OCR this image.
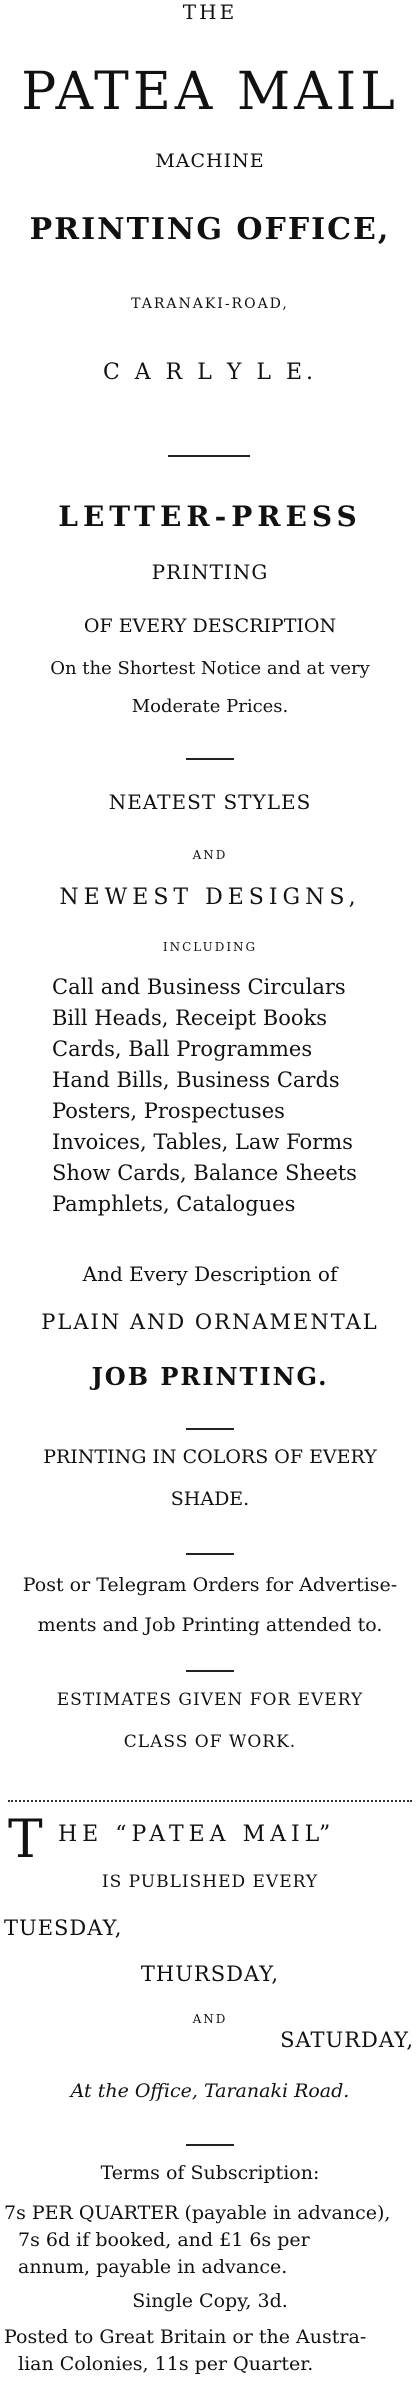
THE
PATEA MAIL
MACHINE
PRINTING OFFICE,
TARANAKI-ROAD,
C A R L Y L E.
LETTER-PRESS
PRINTING
OF EVERY DESCRIPTION
On the Shortest Notice and at very
Moderate Prices.
NEATEST STYLES
AND
NEWEST DESIGNS,
INCLUDING
Call and Business Circulars
Bill Heads, Receipt Books
Cards, Ball Programmes
Hand Bills, Business Cards
Posters, Prospectuses
Invoices, Tables, Law Forms
Show Cards, Balance Sheets
Pamphlets, Catalogues
And Every Description of
PLAIN AND ORNAMENTAL
JOB PRINTING.
PRINTING IN COLORS OF EVERY
SHADE.
Post or Telegram Orders for Advertise-
ments and Job Printing attended to.
ESTIMATES GIVEN FOR EVERY
CLASS OF WORK.
T HE “PATEA MAIL”
IS PUBLISHED EVERY
TUESDAY,
THURSDAY,
AND
SATURDAY,
At the Office, Taranaki Road.
Terms of Subscription:
7s PER QUARTER (payable in advance),
7s 6d if booked, and £1 6s per
annum, payable in advance.
Single Copy, 3d.
Posted to Great Britain or the Austra-
lian Colonies, 11s per Quarter.
